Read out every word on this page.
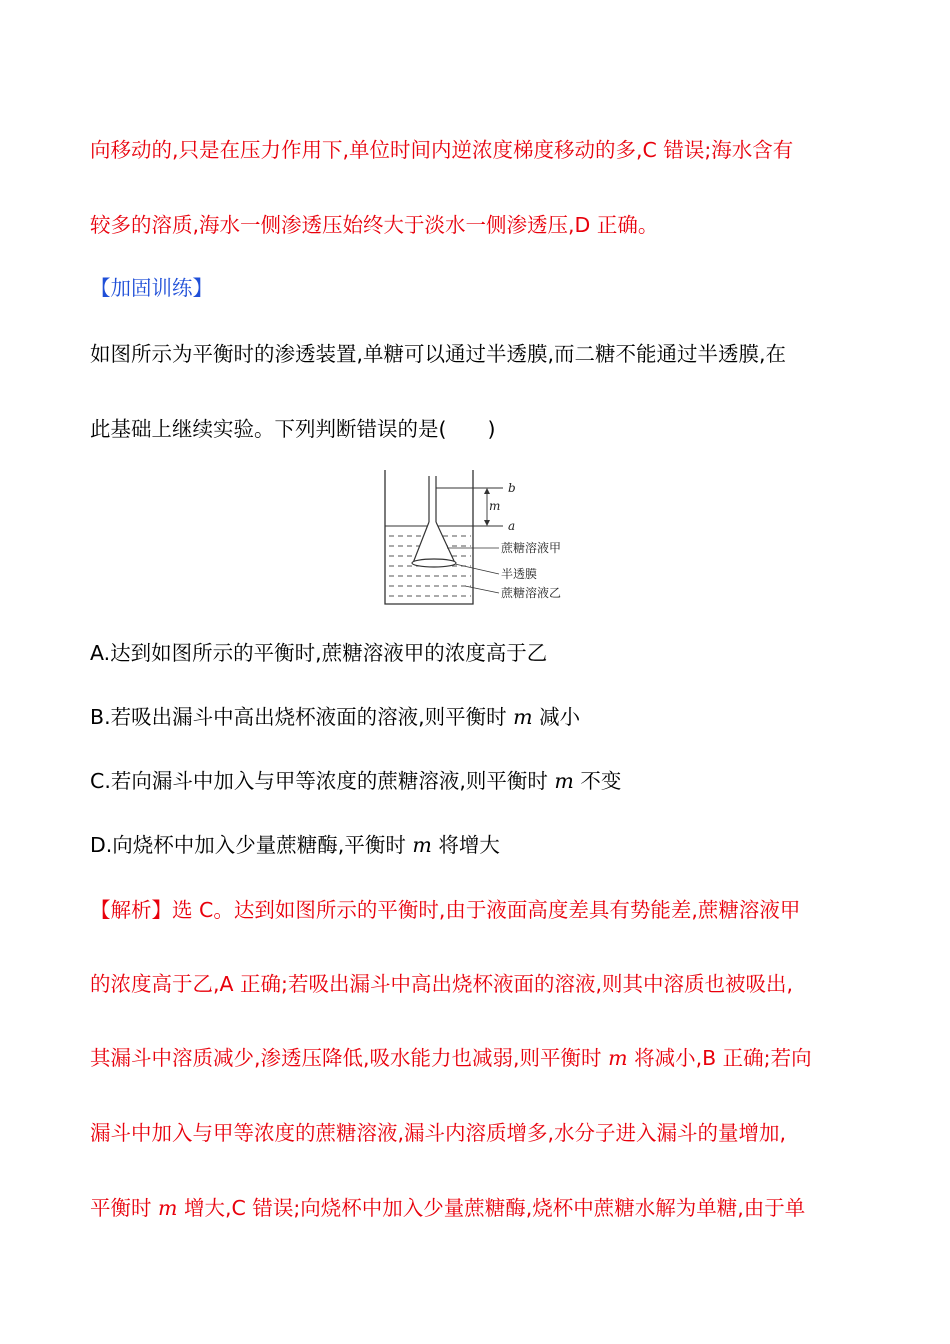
向移动的,只是在压力作用下,单位时间内逆浓度梯度移动的多,C 错误;海水含有
较多的溶质,海水一侧渗透压始终大于淡水一侧渗透压,D 正确。
【加固训练】
如图所示为平衡时的渗透装置,单糖可以通过半透膜,而二糖不能通过半透膜,在
此基础上继续实验。下列判断错误的是(　　)
b
m
a
蔗糖溶液甲
半透膜
蔗糖溶液乙
A.达到如图所示的平衡时,蔗糖溶液甲的浓度高于乙
B.若吸出漏斗中高出烧杯液面的溶液,则平衡时 m 减小
C.若向漏斗中加入与甲等浓度的蔗糖溶液,则平衡时 m 不变
D.向烧杯中加入少量蔗糖酶,平衡时 m 将增大
【解析】选 C。达到如图所示的平衡时,由于液面高度差具有势能差,蔗糖溶液甲
的浓度高于乙,A 正确;若吸出漏斗中高出烧杯液面的溶液,则其中溶质也被吸出,
其漏斗中溶质减少,渗透压降低,吸水能力也减弱,则平衡时 m 将减小,B 正确;若向
漏斗中加入与甲等浓度的蔗糖溶液,漏斗内溶质增多,水分子进入漏斗的量增加,
平衡时 m 增大,C 错误;向烧杯中加入少量蔗糖酶,烧杯中蔗糖水解为单糖,由于单
